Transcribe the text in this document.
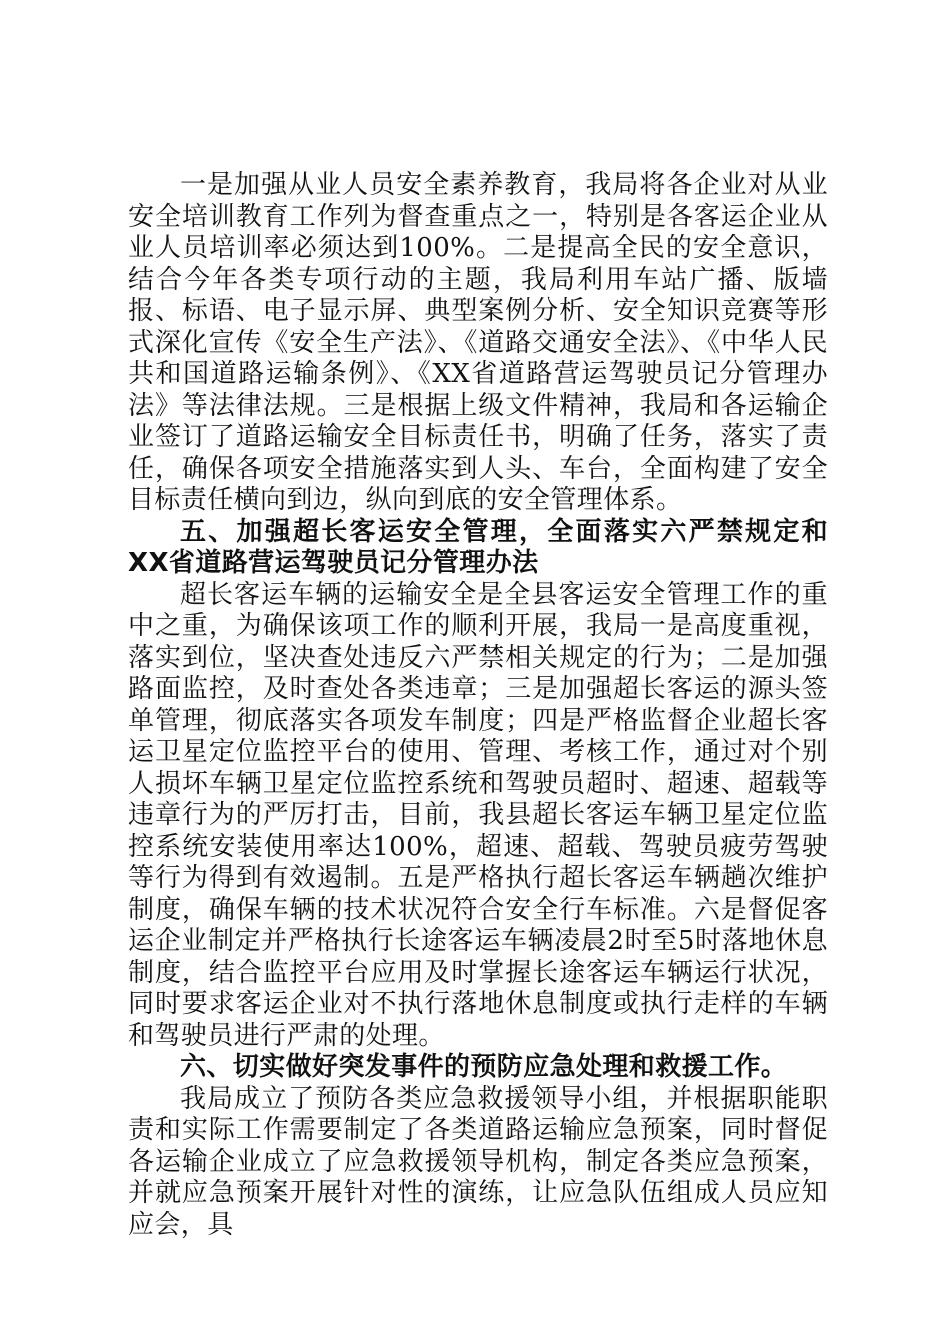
一是加强从业人员安全素养教育，我局将各企业对从业安全培训教育工作列为督查重点之一，特别是各客运企业从业人员培训率必须达到100%。二是提高全民的安全意识，结合今年各类专项行动的主题，我局利用车站广播、版墙报、标语、电子显示屏、典型案例分析、安全知识竞赛等形式深化宣传《安全生产法》、《道路交通安全法》、《中华人民共和国道路运输条例》、《XX省道路营运驾驶员记分管理办法》等法律法规。三是根据上级文件精神，我局和各运输企业签订了道路运输安全目标责任书，明确了任务，落实了责任，确保各项安全措施落实到人头、车台，全面构建了安全目标责任横向到边，纵向到底的安全管理体系。

五、加强超长客运安全管理，全面落实六严禁规定和XX省道路营运驾驶员记分管理办法

超长客运车辆的运输安全是全县客运安全管理工作的重中之重，为确保该项工作的顺利开展，我局一是高度重视，落实到位，坚决查处违反六严禁相关规定的行为；二是加强路面监控，及时查处各类违章；三是加强超长客运的源头签单管理，彻底落实各项发车制度；四是严格监督企业超长客运卫星定位监控平台的使用、管理、考核工作，通过对个别人损坏车辆卫星定位监控系统和驾驶员超时、超速、超载等违章行为的严厉打击，目前，我县超长客运车辆卫星定位监控系统安装使用率达100%，超速、超载、驾驶员疲劳驾驶等行为得到有效遏制。五是严格执行超长客运车辆趟次维护制度，确保车辆的技术状况符合安全行车标准。六是督促客运企业制定并严格执行长途客运车辆凌晨2时至5时落地休息制度，结合监控平台应用及时掌握长途客运车辆运行状况，同时要求客运企业对不执行落地休息制度或执行走样的车辆和驾驶员进行严肃的处理。

六、切实做好突发事件的预防应急处理和救援工作。

我局成立了预防各类应急救援领导小组，并根据职能职责和实际工作需要制定了各类道路运输应急预案，同时督促各运输企业成立了应急救援领导机构，制定各类应急预案，并就应急预案开展针对性的演练，让应急队伍组成人员应知应会，具
